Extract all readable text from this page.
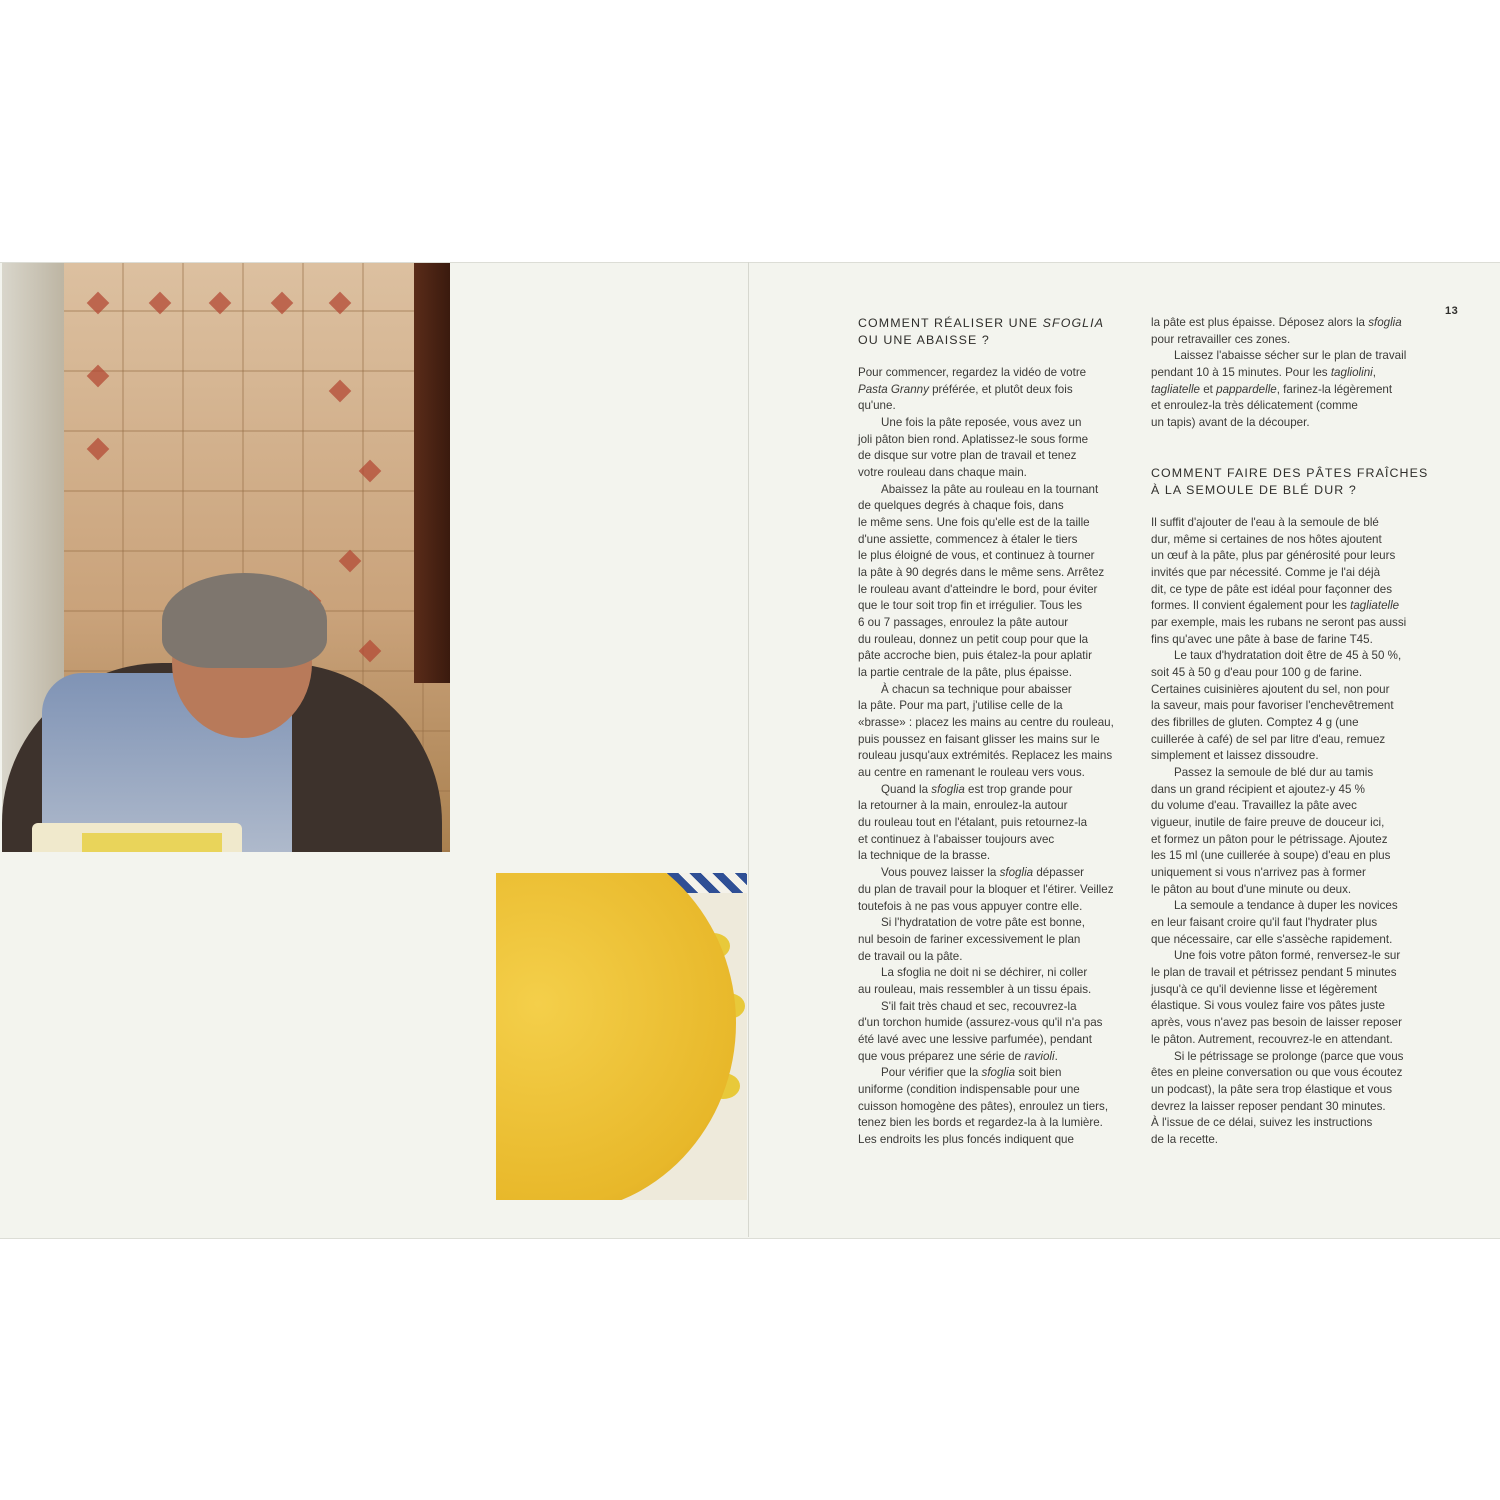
13
COMMENT RÉALISER UNE SFOGLIA
OU UNE ABAISSE ?
Pour commencer, regardez la vidéo de votre
Pasta Granny préférée, et plutôt deux fois
qu'une.
Une fois la pâte reposée, vous avez un
joli pâton bien rond. Aplatissez-le sous forme
de disque sur votre plan de travail et tenez
votre rouleau dans chaque main.
Abaissez la pâte au rouleau en la tournant
de quelques degrés à chaque fois, dans
le même sens. Une fois qu'elle est de la taille
d'une assiette, commencez à étaler le tiers
le plus éloigné de vous, et continuez à tourner
la pâte à 90 degrés dans le même sens. Arrêtez
le rouleau avant d'atteindre le bord, pour éviter
que le tour soit trop fin et irrégulier. Tous les
6 ou 7 passages, enroulez la pâte autour
du rouleau, donnez un petit coup pour que la
pâte accroche bien, puis étalez-la pour aplatir
la partie centrale de la pâte, plus épaisse.
À chacun sa technique pour abaisser
la pâte. Pour ma part, j'utilise celle de la
«brasse» : placez les mains au centre du rouleau,
puis poussez en faisant glisser les mains sur le
rouleau jusqu'aux extrémités. Replacez les mains
au centre en ramenant le rouleau vers vous.
Quand la sfoglia est trop grande pour
la retourner à la main, enroulez-la autour
du rouleau tout en l'étalant, puis retournez-la
et continuez à l'abaisser toujours avec
la technique de la brasse.
Vous pouvez laisser la sfoglia dépasser
du plan de travail pour la bloquer et l'étirer. Veillez
toutefois à ne pas vous appuyer contre elle.
Si l'hydratation de votre pâte est bonne,
nul besoin de fariner excessivement le plan
de travail ou la pâte.
La sfoglia ne doit ni se déchirer, ni coller
au rouleau, mais ressembler à un tissu épais.
S'il fait très chaud et sec, recouvrez-la
d'un torchon humide (assurez-vous qu'il n'a pas
été lavé avec une lessive parfumée), pendant
que vous préparez une série de ravioli.
Pour vérifier que la sfoglia soit bien
uniforme (condition indispensable pour une
cuisson homogène des pâtes), enroulez un tiers,
tenez bien les bords et regardez-la à la lumière.
Les endroits les plus foncés indiquent que
la pâte est plus épaisse. Déposez alors la sfoglia
pour retravailler ces zones.
Laissez l'abaisse sécher sur le plan de travail
pendant 10 à 15 minutes. Pour les tagliolini,
tagliatelle et pappardelle, farinez-la légèrement
et enroulez-la très délicatement (comme
un tapis) avant de la découper.
COMMENT FAIRE DES PÂTES FRAÎCHES
À LA SEMOULE DE BLÉ DUR ?
Il suffit d'ajouter de l'eau à la semoule de blé
dur, même si certaines de nos hôtes ajoutent
un œuf à la pâte, plus par générosité pour leurs
invités que par nécessité. Comme je l'ai déjà
dit, ce type de pâte est idéal pour façonner des
formes. Il convient également pour les tagliatelle
par exemple, mais les rubans ne seront pas aussi
fins qu'avec une pâte à base de farine T45.
Le taux d'hydratation doit être de 45 à 50 %,
soit 45 à 50 g d'eau pour 100 g de farine.
Certaines cuisinières ajoutent du sel, non pour
la saveur, mais pour favoriser l'enchevêtrement
des fibrilles de gluten. Comptez 4 g (une
cuillerée à café) de sel par litre d'eau, remuez
simplement et laissez dissoudre.
Passez la semoule de blé dur au tamis
dans un grand récipient et ajoutez-y 45 %
du volume d'eau. Travaillez la pâte avec
vigueur, inutile de faire preuve de douceur ici,
et formez un pâton pour le pétrissage. Ajoutez
les 15 ml (une cuillerée à soupe) d'eau en plus
uniquement si vous n'arrivez pas à former
le pâton au bout d'une minute ou deux.
La semoule a tendance à duper les novices
en leur faisant croire qu'il faut l'hydrater plus
que nécessaire, car elle s'assèche rapidement.
Une fois votre pâton formé, renversez-le sur
le plan de travail et pétrissez pendant 5 minutes
jusqu'à ce qu'il devienne lisse et légèrement
élastique. Si vous voulez faire vos pâtes juste
après, vous n'avez pas besoin de laisser reposer
le pâton. Autrement, recouvrez-le en attendant.
Si le pétrissage se prolonge (parce que vous
êtes en pleine conversation ou que vous écoutez
un podcast), la pâte sera trop élastique et vous
devrez la laisser reposer pendant 30 minutes.
À l'issue de ce délai, suivez les instructions
de la recette.
